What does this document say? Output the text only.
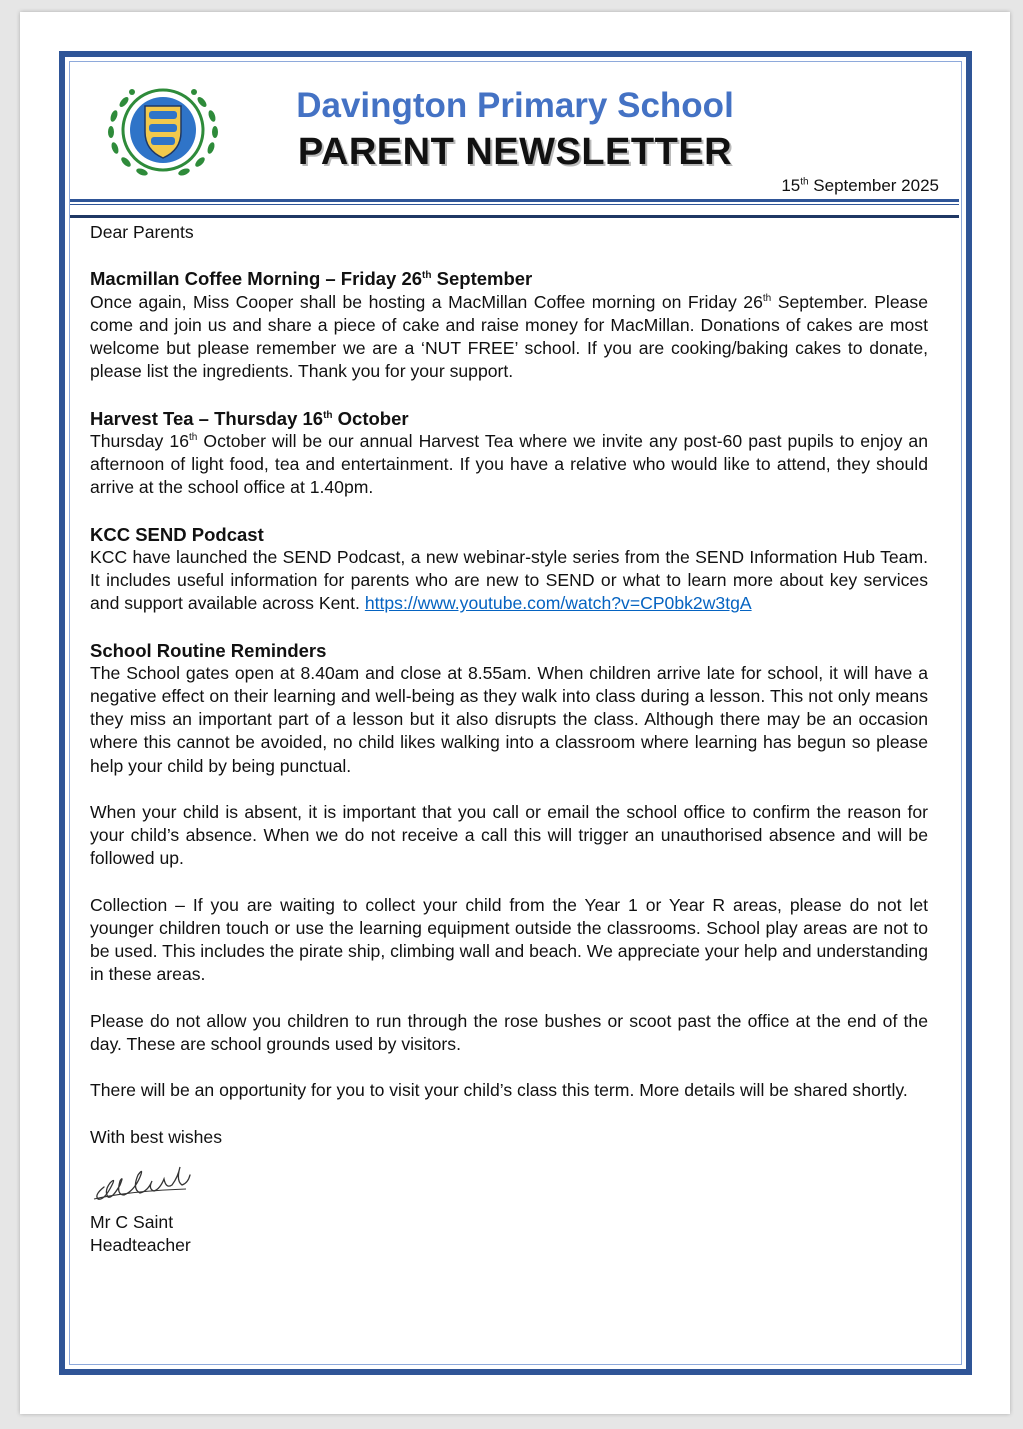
Davington Primary School
PARENT NEWSLETTER
15th September 2025

Dear Parents

Macmillan Coffee Morning – Friday 26th September

Once again, Miss Cooper shall be hosting a MacMillan Coffee morning on Friday 26th September. Please come and join us and share a piece of cake and raise money for MacMillan. Donations of cakes are most welcome but please remember we are a ‘NUT FREE’ school. If you are cooking/baking cakes to donate, please list the ingredients. Thank you for your support.

Harvest Tea – Thursday 16th October

Thursday 16th October will be our annual Harvest Tea where we invite any post-60 past pupils to enjoy an afternoon of light food, tea and entertainment. If you have a relative who would like to attend, they should arrive at the school office at 1.40pm.

KCC SEND Podcast

KCC have launched the SEND Podcast, a new webinar-style series from the SEND Information Hub Team. It includes useful information for parents who are new to SEND or what to learn more about key services and support available across Kent. https://www.youtube.com/watch?v=CP0bk2w3tgA

School Routine Reminders

The School gates open at 8.40am and close at 8.55am. When children arrive late for school, it will have a negative effect on their learning and well-being as they walk into class during a lesson. This not only means they miss an important part of a lesson but it also disrupts the class. Although there may be an occasion where this cannot be avoided, no child likes walking into a classroom where learning has begun so please help your child by being punctual.

When your child is absent, it is important that you call or email the school office to confirm the reason for your child’s absence. When we do not receive a call this will trigger an unauthorised absence and will be followed up.

Collection – If you are waiting to collect your child from the Year 1 or Year R areas, please do not let younger children touch or use the learning equipment outside the classrooms. School play areas are not to be used. This includes the pirate ship, climbing wall and beach. We appreciate your help and understanding in these areas.

Please do not allow you children to run through the rose bushes or scoot past the office at the end of the day. These are school grounds used by visitors.

There will be an opportunity for you to visit your child’s class this term. More details will be shared shortly.

With best wishes

Mr C Saint

Headteacher
